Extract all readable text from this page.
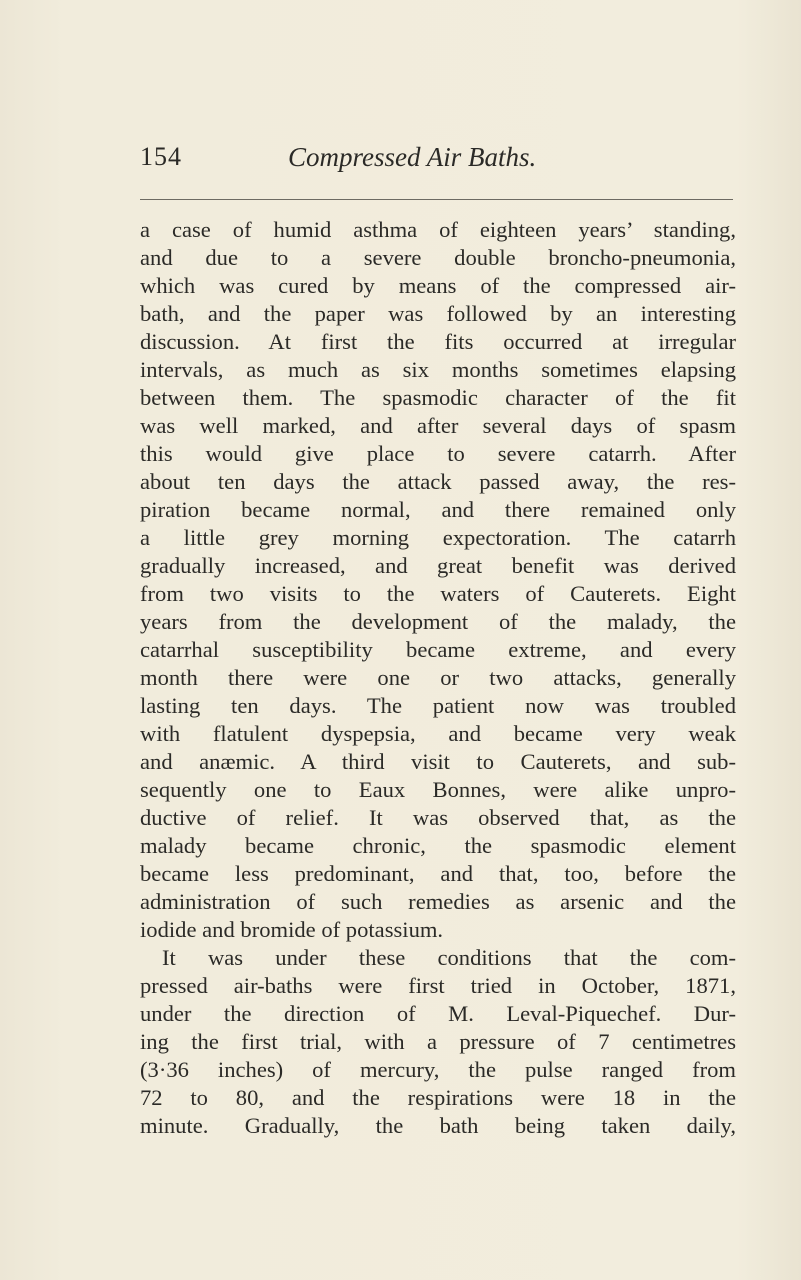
154	Compressed Air Baths.
a case of humid asthma of eighteen years’ standing,
and due to a severe double broncho-pneumonia,
which was cured by means of the compressed air-
bath, and the paper was followed by an interesting
discussion. At first the fits occurred at irregular
intervals, as much as six months sometimes elapsing
between them. The spasmodic character of the fit
was well marked, and after several days of spasm
this would give place to severe catarrh. After
about ten days the attack passed away, the res-
piration became normal, and there remained only
a little grey morning expectoration. The catarrh
gradually increased, and great benefit was derived
from two visits to the waters of Cauterets. Eight
years from the development of the malady, the
catarrhal susceptibility became extreme, and every
month there were one or two attacks, generally
lasting ten days. The patient now was troubled
with flatulent dyspepsia, and became very weak
and anæmic. A third visit to Cauterets, and sub-
sequently one to Eaux Bonnes, were alike unpro-
ductive of relief. It was observed that, as the
malady became chronic, the spasmodic element
became less predominant, and that, too, before the
administration of such remedies as arsenic and the
iodide and bromide of potassium.
It was under these conditions that the com-
pressed air-baths were first tried in October, 1871,
under the direction of M. Leval-Piquechef. Dur-
ing the first trial, with a pressure of 7 centimetres
(3·36 inches) of mercury, the pulse ranged from
72 to 80, and the respirations were 18 in the
minute. Gradually, the bath being taken daily,
